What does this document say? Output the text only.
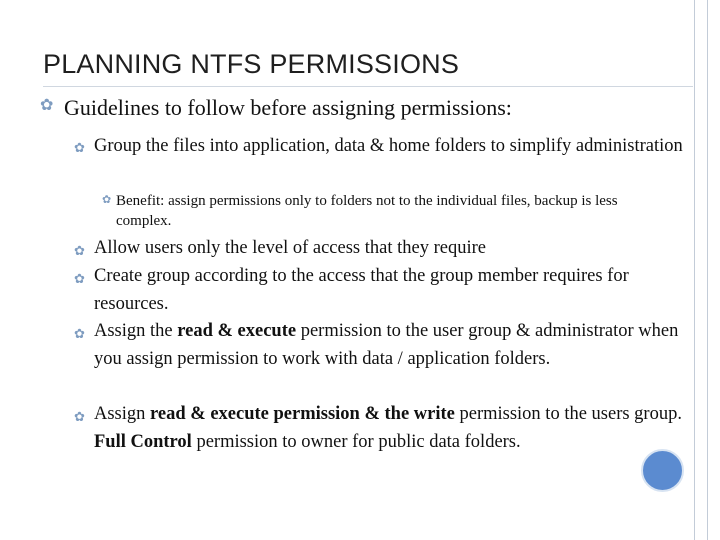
PLANNING NTFS PERMISSIONS
✿ Guidelines to follow before assigning permissions:
✿ Group the files into application, data & home folders to simplify administration
✿ Benefit: assign permissions only to folders not to the individual files, backup is less complex.
✿ Allow users only the level of access that they require
✿ Create group according to the access that the group member requires for resources.
✿ Assign the read & execute permission to the user group & administrator when you assign permission to work with data / application folders.
✿ Assign read & execute permission & the write permission to the users group. Full Control permission to owner for public data folders.
